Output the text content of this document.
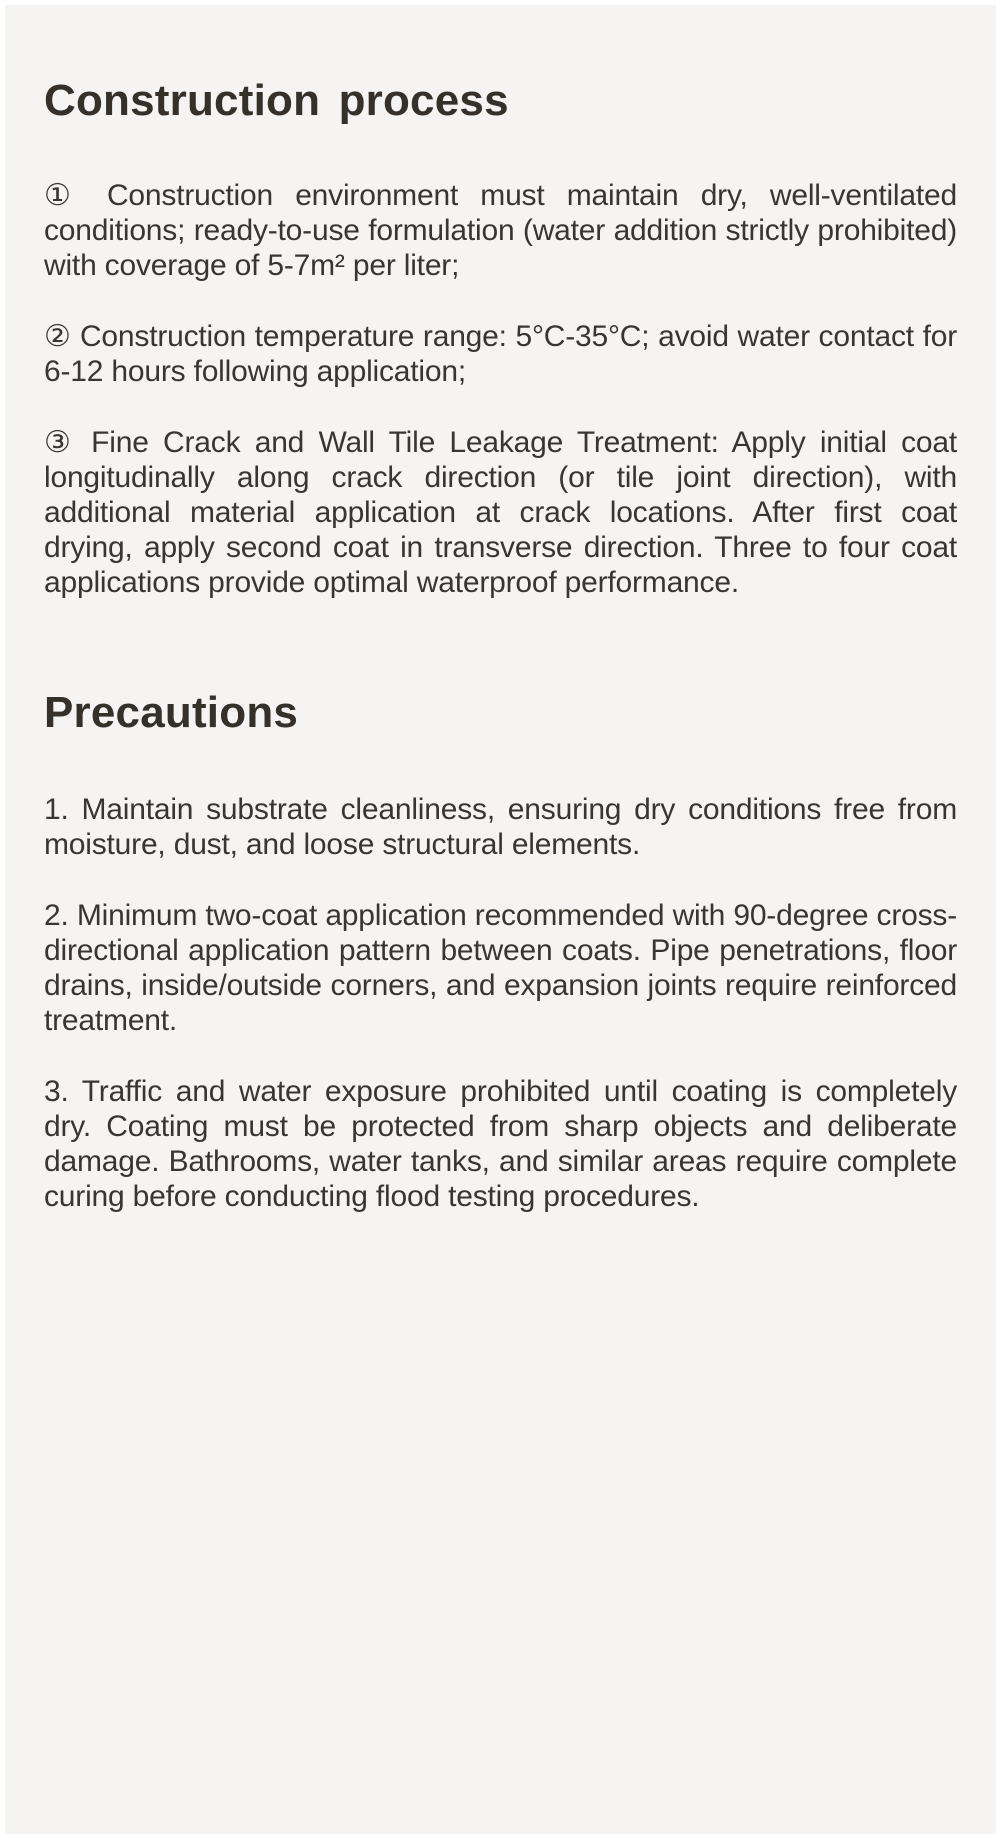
Construction process

① Construction environment must maintain dry, well-ventilated conditions; ready-to-use formulation (water addition strictly prohibited) with coverage of 5-7m² per liter;

② Construction temperature range: 5°C-35°C; avoid water contact for 6-12 hours following application;

③ Fine Crack and Wall Tile Leakage Treatment: Apply initial coat longitudinally along crack direction (or tile joint direction), with additional material application at crack locations. After first coat drying, apply second coat in transverse direction. Three to four coat applications provide optimal waterproof performance.

Precautions

1. Maintain substrate cleanliness, ensuring dry conditions free from moisture, dust, and loose structural elements.

2. Minimum two-coat application recommended with 90-degree cross-directional application pattern between coats. Pipe penetrations, floor drains, inside/outside corners, and expansion joints require reinforced treatment.

3. Traffic and water exposure prohibited until coating is completely dry. Coating must be protected from sharp objects and deliberate damage. Bathrooms, water tanks, and similar areas require complete curing before conducting flood testing procedures.
